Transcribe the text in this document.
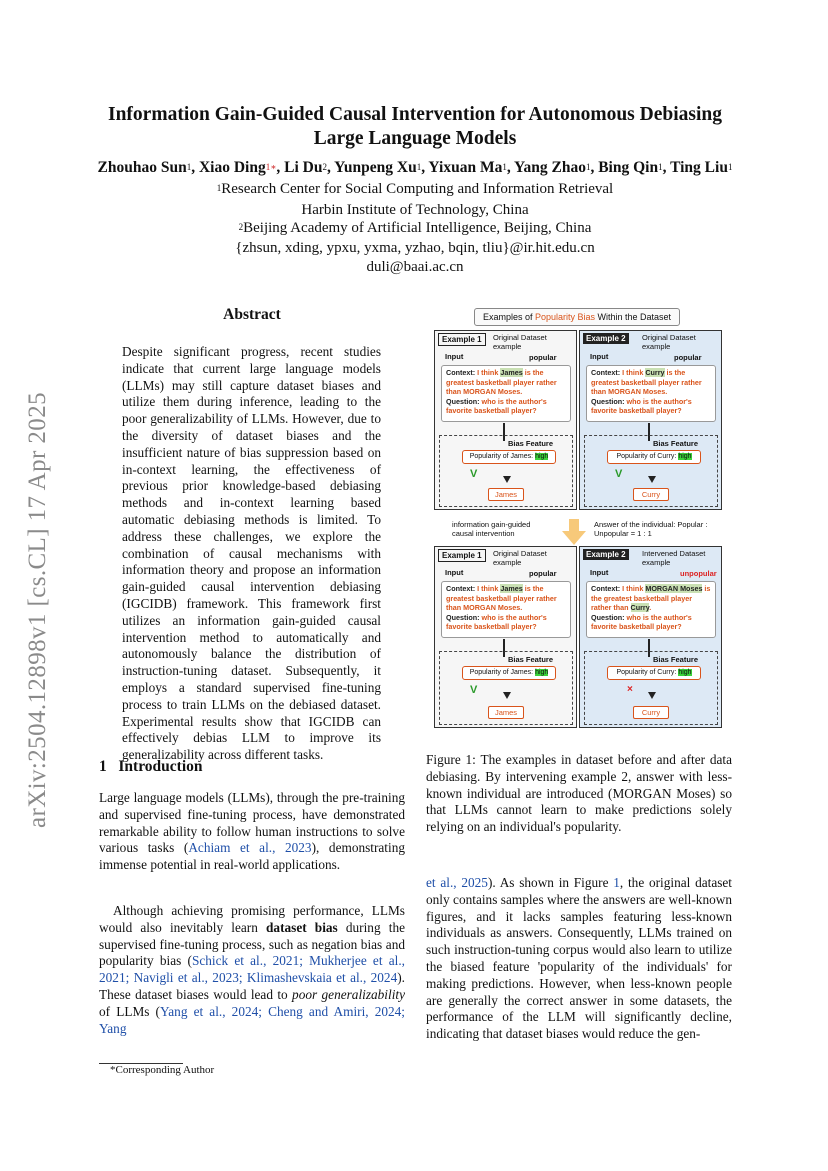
arXiv:2504.12898v1 [cs.CL] 17 Apr 2025
Information Gain-Guided Causal Intervention for Autonomous Debiasing
Large Language Models
Zhouhao Sun$^1$, Xiao Ding$^{1∗}$, Li Du$^2$, Yunpeng Xu$^1$, Yixuan Ma$^1$, Yang Zhao$^1$, Bing Qin$^1$, Ting Liu$^1$
$^1$Research Center for Social Computing and Information Retrieval
Harbin Institute of Technology, China
$^2$Beijing Academy of Artificial Intelligence, Beijing, China
{zhsun, xding, ypxu, yxma, yzhao, bqin, tliu}@ir.hit.edu.cn
duli@baai.ac.cn
Abstract
Despite significant progress, recent studies indicate that current large language models (LLMs) may still capture dataset biases and utilize them during inference, leading to the poor generalizability of LLMs. However, due to the diversity of dataset biases and the insufficient nature of bias suppression based on in-context learning, the effectiveness of previous prior knowledge-based debiasing methods and in-context learning based automatic debiasing methods is limited. To address these challenges, we explore the combination of causal mechanisms with information theory and propose an information gain-guided causal intervention debiasing (IGCIDB) framework. This framework first utilizes an information gain-guided causal intervention method to automatically and autonomously balance the distribution of instruction-tuning dataset. Subsequently, it employs a standard supervised fine-tuning process to train LLMs on the debiased dataset. Experimental results show that IGCIDB can effectively debias LLM to improve its generalizability across different tasks.
1 Introduction
Large language models (LLMs), through the pre-training and supervised fine-tuning process, have demonstrated remarkable ability to follow human instructions to solve various tasks (Achiam et al., 2023), demonstrating immense potential in real-world applications.
Although achieving promising performance, LLMs would also inevitably learn dataset bias during the supervised fine-tuning process, such as negation bias and popularity bias (Schick et al., 2021; Mukherjee et al., 2021; Navigli et al., 2023; Klimashevskaia et al., 2024). These dataset biases would lead to poor generalizability of LLMs (Yang et al., 2024; Cheng and Amiri, 2024; Yang
*Corresponding Author
Examples of Popularity Bias Within the Dataset
Example 1	Original Dataset example
Input	popular
Context: I think James is the greatest basketball player rather than MORGAN Moses.
Question: who is the author's favorite basketball player?
Bias Feature
Popularity of James: high
V
James
Example 2	Original Dataset example
Input	popular
Context: I think Curry is the greatest basketball player rather than MORGAN Moses.
Question: who is the author's favorite basketball player?
Bias Feature
Popularity of Curry: high
V
Curry
information gain-guided causal intervention
Answer of the individual: Popular : Unpopular = 1 : 1
Example 1	Original Dataset example
Input	popular
Context: I think James is the greatest basketball player rather than MORGAN Moses.
Question: who is the author's favorite basketball player?
Bias Feature
Popularity of James: high
V
James
Example 2	Intervened Dataset example
Input	unpopular
Context: I think MORGAN Moses is the greatest basketball player rather than Curry.
Question: who is the author's favorite basketball player?
Bias Feature
Popularity of Curry: high
×
Curry
Figure 1: The examples in dataset before and after data debiasing. By intervening example 2, answer with less-known individual are introduced (MORGAN Moses) so that LLMs cannot learn to make predictions solely relying on an individual's popularity.
et al., 2025). As shown in Figure 1, the original dataset only contains samples where the answers are well-known figures, and it lacks samples featuring less-known individuals as answers. Consequently, LLMs trained on such instruction-tuning corpus would also learn to utilize the biased feature 'popularity of the individuals' for making predictions. However, when less-known people are generally the correct answer in some datasets, the performance of the LLM will significantly decline, indicating that dataset biases would reduce the gen-
